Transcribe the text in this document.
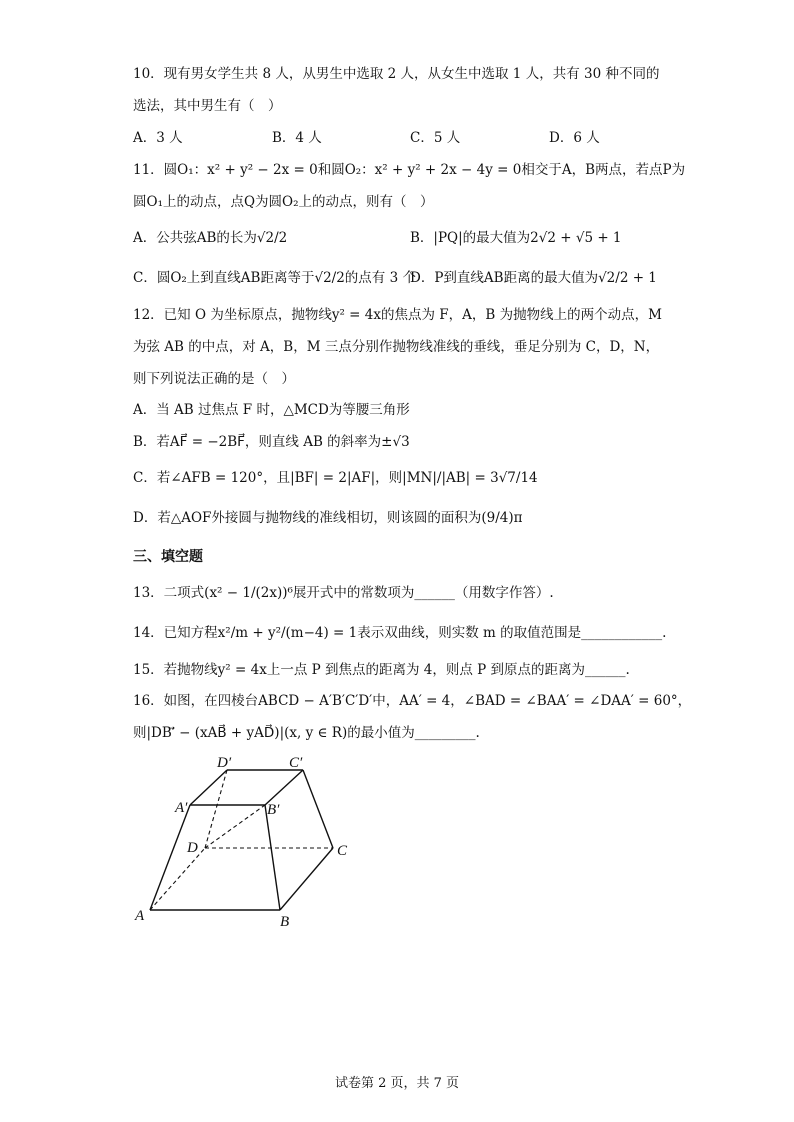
10．现有男女学生共 8 人，从男生中选取 2 人，从女生中选取 1 人，共有 30 种不同的
选法，其中男生有（　）
A．3 人	B．4 人	C．5 人	D．6 人
11．圆O₁：x² + y² − 2x = 0和圆O₂：x² + y² + 2x − 4y = 0相交于A，B两点，若点P为
圆O₁上的动点，点Q为圆O₂上的动点，则有（　）
A．公共弦AB的长为√2/2	B．|PQ|的最大值为2√2 + √5 + 1
C．圆O₂上到直线AB距离等于√2/2的点有 3 个
D．P到直线AB距离的最大值为√2/2 + 1
12．已知 O 为坐标原点，抛物线y² = 4x的焦点为 F，A，B 为抛物线上的两个动点，M
为弦 AB 的中点，对 A，B，M 三点分别作抛物线准线的垂线，垂足分别为 C，D，N，
则下列说法正确的是（　）
A．当 AB 过焦点 F 时，△MCD为等腰三角形
B．若AF⃗ = −2BF⃗，则直线 AB 的斜率为±√3
C．若∠AFB = 120°，且|BF| = 2|AF|，则|MN|/|AB| = 3√7/14
D．若△AOF外接圆与抛物线的准线相切，则该圆的面积为(9/4)π
三、填空题
13．二项式(x² − 1/(2x))⁶展开式中的常数项为______（用数字作答）.
14．已知方程x²/m + y²/(m−4) = 1表示双曲线，则实数 m 的取值范围是____________.
15．若抛物线y² = 4x上一点 P 到焦点的距离为 4，则点 P 到原点的距离为______.
16．如图，在四棱台ABCD − A′B′C′D′中，AA′ = 4，∠BAD = ∠BAA′ = ∠DAA′ = 60°，
则|DB′⃗ − (xAB⃗ + yAD⃗)|(x, y ∈ R)的最小值为_________.
A	B
C
D
A′	B′
C′
D′
试卷第 2 页，共 7 页
